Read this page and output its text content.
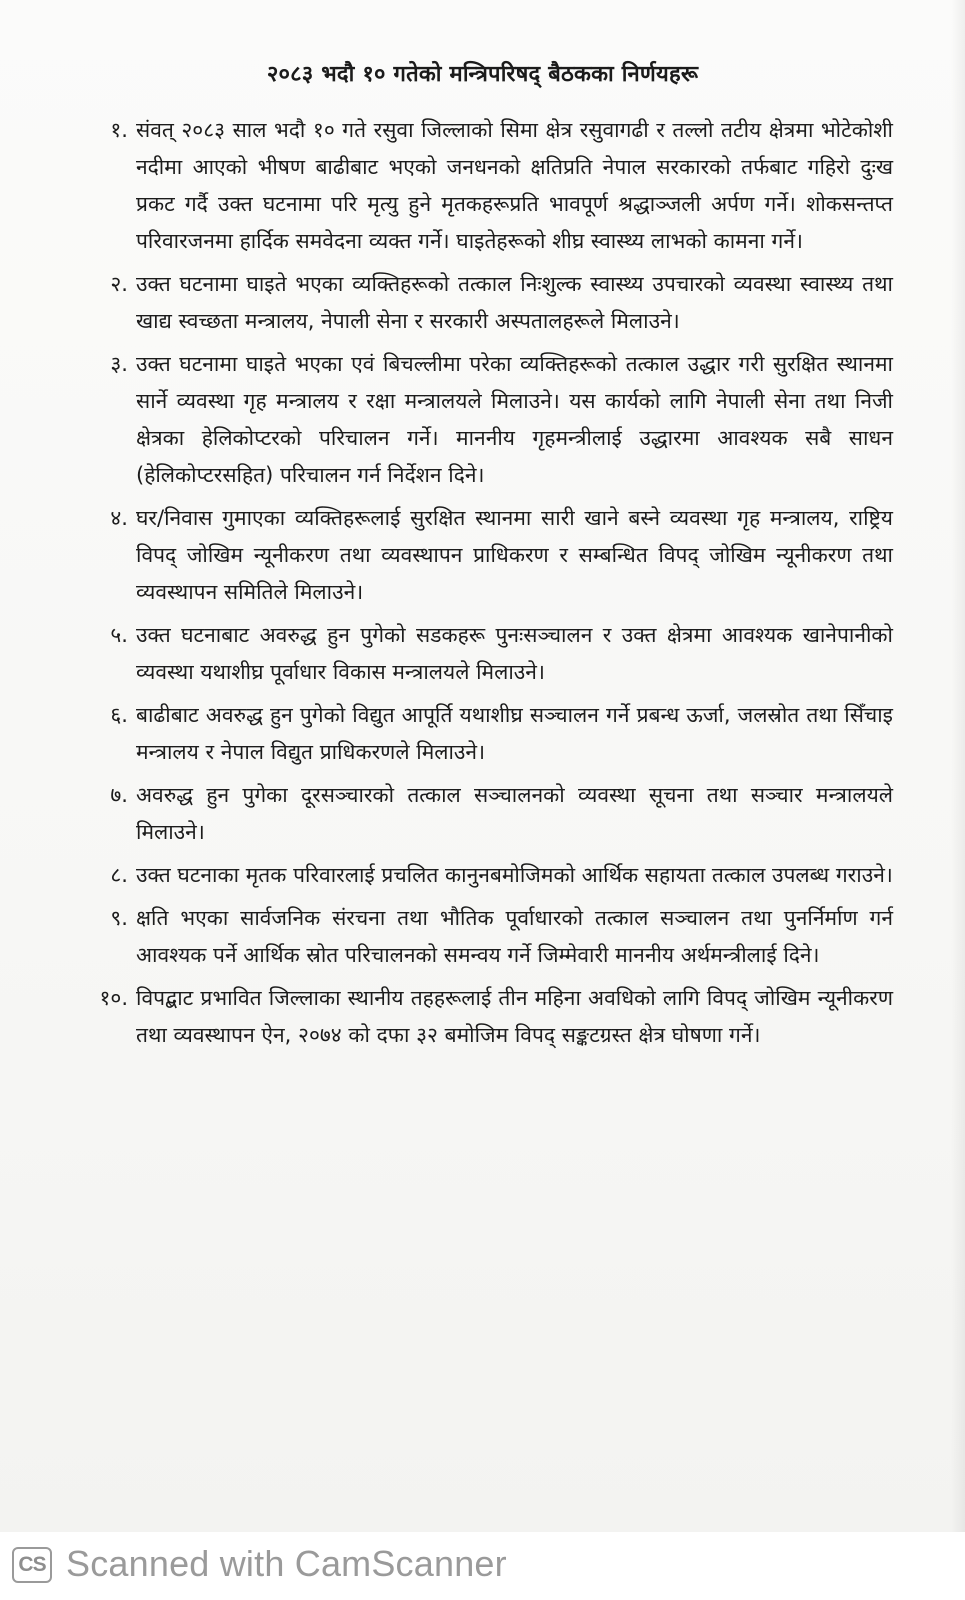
२०८३ भदौ १० गतेको मन्त्रिपरिषद् बैठकका निर्णयहरू
१. संवत् २०८३ साल भदौ १० गते रसुवा जिल्लाको सिमा क्षेत्र रसुवागढी र तल्लो तटीय क्षेत्रमा भोटेकोशी नदीमा आएको भीषण बाढीबाट भएको जनधनको क्षतिप्रति नेपाल सरकारको तर्फबाट गहिरो दुःख प्रकट गर्दै उक्त घटनामा परि मृत्यु हुने मृतकहरूप्रति भावपूर्ण श्रद्धाञ्जली अर्पण गर्ने। शोकसन्तप्त परिवारजनमा हार्दिक समवेदना व्यक्त गर्ने। घाइतेहरूको शीघ्र स्वास्थ्य लाभको कामना गर्ने।
२. उक्त घटनामा घाइते भएका व्यक्तिहरूको तत्काल निःशुल्क स्वास्थ्य उपचारको व्यवस्था स्वास्थ्य तथा खाद्य स्वच्छता मन्त्रालय, नेपाली सेना र सरकारी अस्पतालहरूले मिलाउने।
३. उक्त घटनामा घाइते भएका एवं बिचल्लीमा परेका व्यक्तिहरूको तत्काल उद्धार गरी सुरक्षित स्थानमा सार्ने व्यवस्था गृह मन्त्रालय र रक्षा मन्त्रालयले मिलाउने। यस कार्यको लागि नेपाली सेना तथा निजी क्षेत्रका हेलिकोप्टरको परिचालन गर्ने। माननीय गृहमन्त्रीलाई उद्धारमा आवश्यक सबै साधन (हेलिकोप्टरसहित) परिचालन गर्न निर्देशन दिने।
४. घर/निवास गुमाएका व्यक्तिहरूलाई सुरक्षित स्थानमा सारी खाने बस्ने व्यवस्था गृह मन्त्रालय, राष्ट्रिय विपद् जोखिम न्यूनीकरण तथा व्यवस्थापन प्राधिकरण र सम्बन्धित विपद् जोखिम न्यूनीकरण तथा व्यवस्थापन समितिले मिलाउने।
५. उक्त घटनाबाट अवरुद्ध हुन पुगेको सडकहरू पुनःसञ्चालन र उक्त क्षेत्रमा आवश्यक खानेपानीको व्यवस्था यथाशीघ्र पूर्वाधार विकास मन्त्रालयले मिलाउने।
६. बाढीबाट अवरुद्ध हुन पुगेको विद्युत आपूर्ति यथाशीघ्र सञ्चालन गर्ने प्रबन्ध ऊर्जा, जलस्रोत तथा सिँचाइ मन्त्रालय र नेपाल विद्युत प्राधिकरणले मिलाउने।
७. अवरुद्ध हुन पुगेका दूरसञ्चारको तत्काल सञ्चालनको व्यवस्था सूचना तथा सञ्चार मन्त्रालयले मिलाउने।
८. उक्त घटनाका मृतक परिवारलाई प्रचलित कानुनबमोजिमको आर्थिक सहायता तत्काल उपलब्ध गराउने।
९. क्षति भएका सार्वजनिक संरचना तथा भौतिक पूर्वाधारको तत्काल सञ्चालन तथा पुनर्निर्माण गर्न आवश्यक पर्ने आर्थिक स्रोत परिचालनको समन्वय गर्ने जिम्मेवारी माननीय अर्थमन्त्रीलाई दिने।
१०. विपद्बाट प्रभावित जिल्लाका स्थानीय तहहरूलाई तीन महिना अवधिको लागि विपद् जोखिम न्यूनीकरण तथा व्यवस्थापन ऐन, २०७४ को दफा ३२ बमोजिम विपद् सङ्कटग्रस्त क्षेत्र घोषणा गर्ने।
CS Scanned with CamScanner
